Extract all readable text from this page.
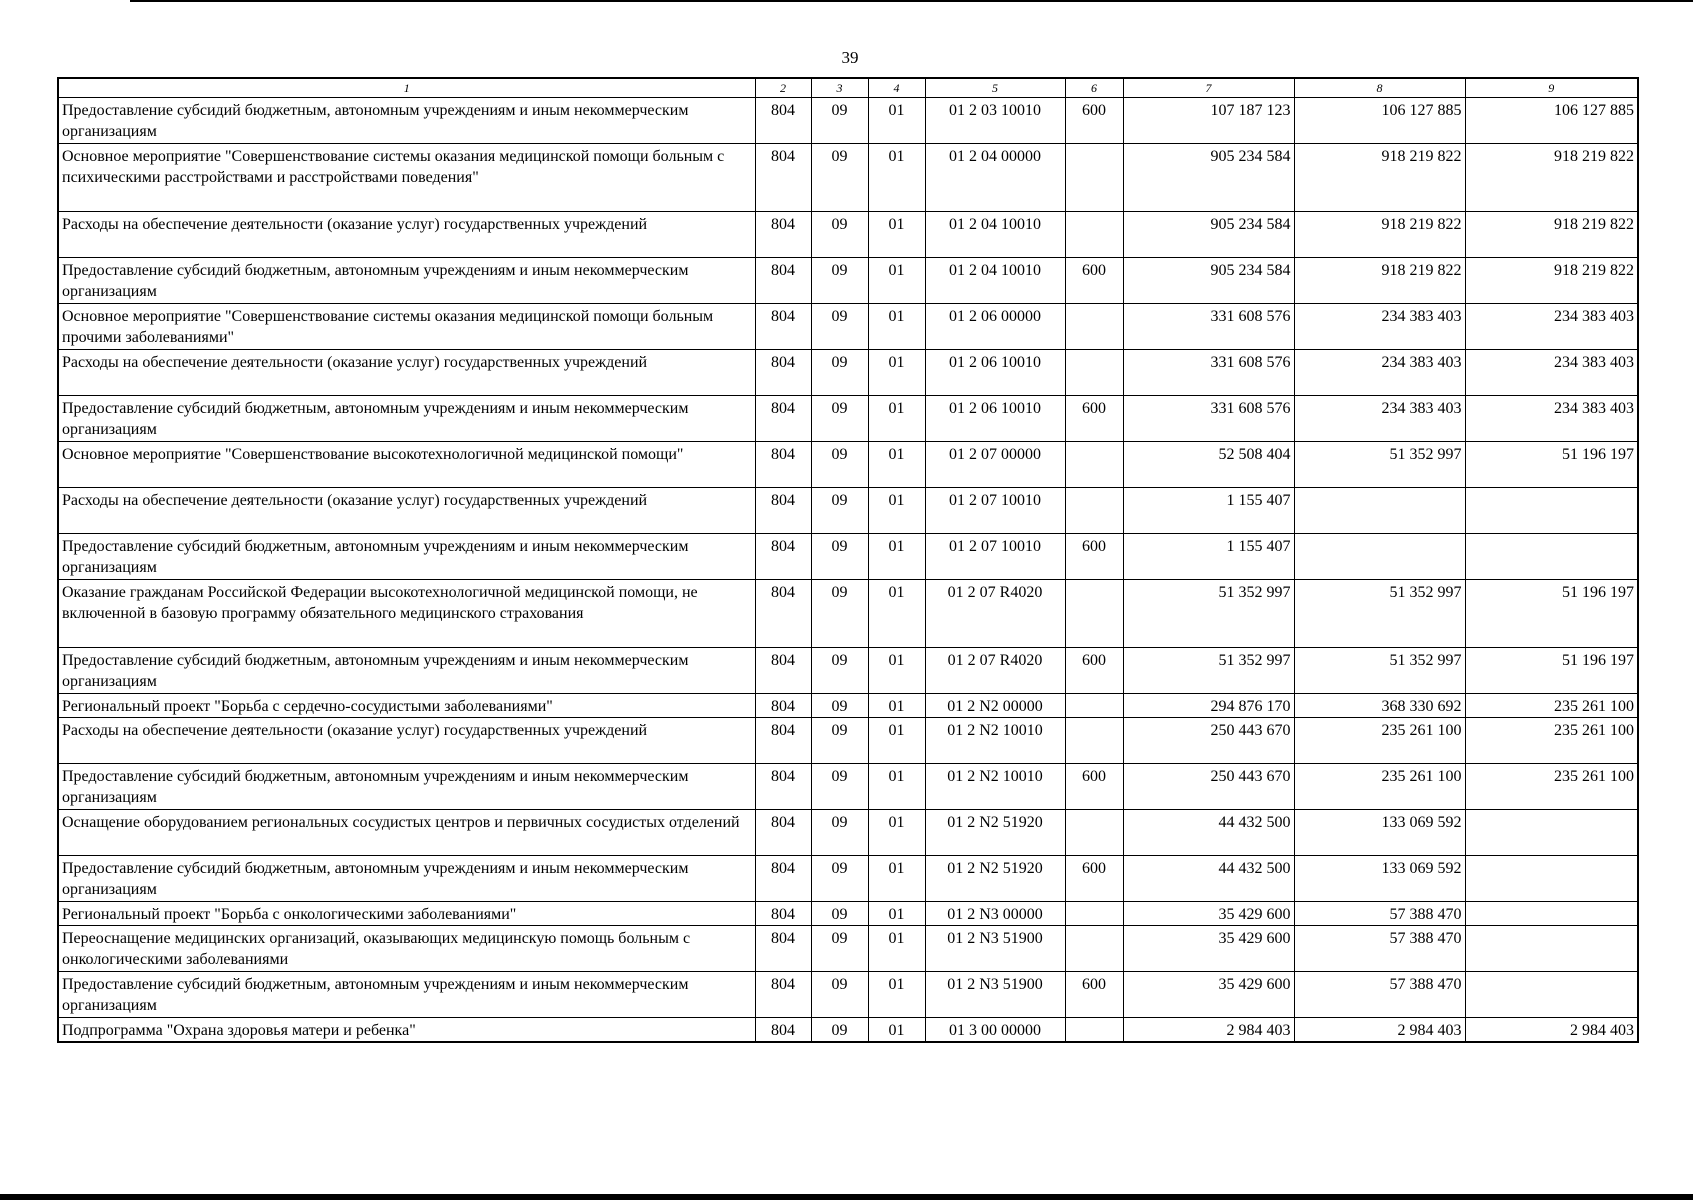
39
1	2	3	4	5	6	7	8	9
Предоставление субсидий бюджетным, автономным учреждениям и иным некоммерческим организациям	804	09	01	01 2 03 10010	600	107 187 123	106 127 885	106 127 885
Основное мероприятие "Совершенствование системы оказания медицинской помощи больным с психическими расстройствами и расстройствами поведения"	804	09	01	01 2 04 00000		905 234 584	918 219 822	918 219 822
Расходы на обеспечение деятельности (оказание услуг) государственных учреждений	804	09	01	01 2 04 10010		905 234 584	918 219 822	918 219 822
Предоставление субсидий бюджетным, автономным учреждениям и иным некоммерческим организациям	804	09	01	01 2 04 10010	600	905 234 584	918 219 822	918 219 822
Основное мероприятие "Совершенствование системы оказания медицинской помощи больным прочими заболеваниями"	804	09	01	01 2 06 00000		331 608 576	234 383 403	234 383 403
Расходы на обеспечение деятельности (оказание услуг) государственных учреждений	804	09	01	01 2 06 10010		331 608 576	234 383 403	234 383 403
Предоставление субсидий бюджетным, автономным учреждениям и иным некоммерческим организациям	804	09	01	01 2 06 10010	600	331 608 576	234 383 403	234 383 403
Основное мероприятие "Совершенствование высокотехнологичной медицинской помощи"	804	09	01	01 2 07 00000		52 508 404	51 352 997	51 196 197
Расходы на обеспечение деятельности (оказание услуг) государственных учреждений	804	09	01	01 2 07 10010		1 155 407		
Предоставление субсидий бюджетным, автономным учреждениям и иным некоммерческим организациям	804	09	01	01 2 07 10010	600	1 155 407		
Оказание гражданам Российской Федерации высокотехнологичной медицинской помощи, не включенной в базовую программу обязательного медицинского страхования	804	09	01	01 2 07 R4020		51 352 997	51 352 997	51 196 197
Предоставление субсидий бюджетным, автономным учреждениям и иным некоммерческим организациям	804	09	01	01 2 07 R4020	600	51 352 997	51 352 997	51 196 197
Региональный проект "Борьба с сердечно-сосудистыми заболеваниями"	804	09	01	01 2 N2 00000		294 876 170	368 330 692	235 261 100
Расходы на обеспечение деятельности (оказание услуг) государственных учреждений	804	09	01	01 2 N2 10010		250 443 670	235 261 100	235 261 100
Предоставление субсидий бюджетным, автономным учреждениям и иным некоммерческим организациям	804	09	01	01 2 N2 10010	600	250 443 670	235 261 100	235 261 100
Оснащение оборудованием региональных сосудистых центров и первичных сосудистых отделений	804	09	01	01 2 N2 51920		44 432 500	133 069 592	
Предоставление субсидий бюджетным, автономным учреждениям и иным некоммерческим организациям	804	09	01	01 2 N2 51920	600	44 432 500	133 069 592	
Региональный проект "Борьба с онкологическими заболеваниями"	804	09	01	01 2 N3 00000		35 429 600	57 388 470	
Переоснащение медицинских организаций, оказывающих медицинскую помощь больным с онкологическими заболеваниями	804	09	01	01 2 N3 51900		35 429 600	57 388 470	
Предоставление субсидий бюджетным, автономным учреждениям и иным некоммерческим организациям	804	09	01	01 2 N3 51900	600	35 429 600	57 388 470	
Подпрограмма "Охрана здоровья матери и ребенка"	804	09	01	01 3 00 00000		2 984 403	2 984 403	2 984 403
